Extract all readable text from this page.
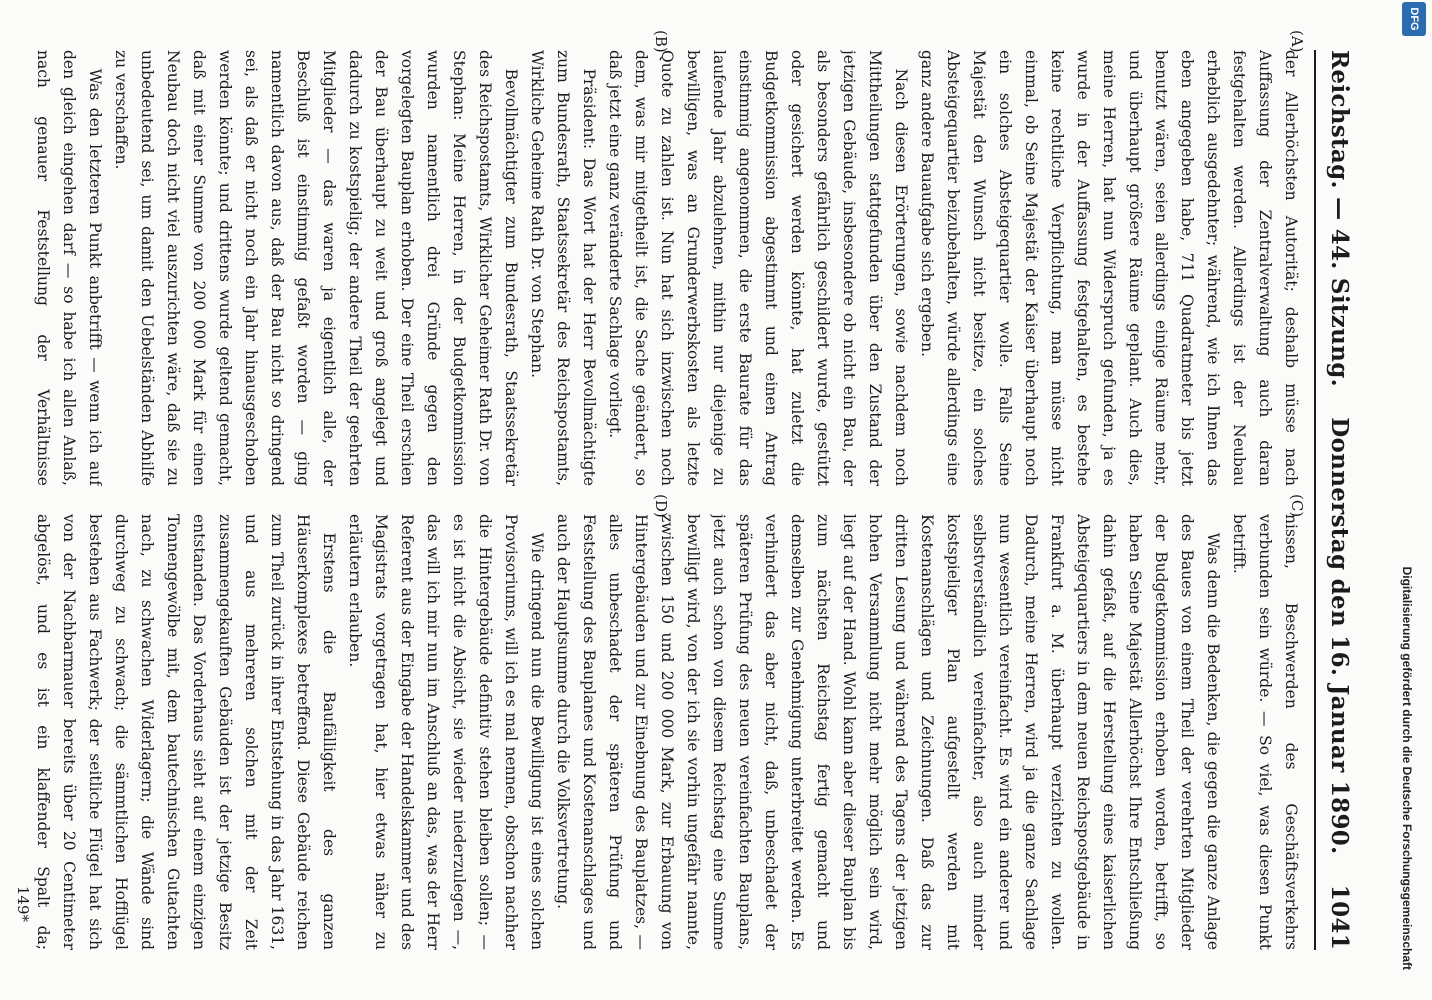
Reichstag. — 44. Sitzung.
Donnerstag den 16. Januar 1890.
1041
(A)
(B)
(C)
(D)

der Allerhöchsten Autorität; deshalb müsse nach Auffassung der Zentralverwaltung auch daran festgehalten werden. Allerdings ist der Neubau erheblich ausgedehnter; während, wie ich Ihnen das eben angegeben habe, 711 Quadratmeter bis jetzt benutzt wären, seien allerdings einige Räume mehr, und überhaupt größere Räume geplant. Auch dies, meine Herren, hat nun Widerspruch gefunden, ja es wurde in der Auffassung festgehalten, es bestehe keine rechtliche Verpflichtung, man müsse nicht einmal, ob Seine Majestät der Kaiser überhaupt noch ein solches Absteigequartier wolle. Falls Seine Majestät den Wunsch nicht besitze, ein solches Absteigequartier beizubehalten, würde allerdings eine ganz andere Bauaufgabe sich ergeben.

Nach diesen Erörterungen, sowie nachdem noch Mittheilungen stattgefunden über den Zustand der jetzigen Gebäude, insbesondere ob nicht ein Bau, der als besonders gefährlich geschildert wurde, gestützt oder gesichert werden könnte, hat zuletzt die Budgetkommission abgestimmt und einen Antrag einstimmig angenommen, die erste Baurate für das laufende Jahr abzulehnen, mithin nur diejenige zu bewilligen, was an Grunderwerbskosten als letzte Quote zu zahlen ist. Nun hat sich inzwischen noch dem, was mir mitgetheilt ist, die Sache geändert, so daß jetzt eine ganz veränderte Sachlage vorliegt.

Präsident: Das Wort hat der Herr Bevollmächtigte zum Bundesrath, Staatssekretär des Reichspostamts, Wirkliche Geheime Rath Dr. von Stephan.

Bevollmächtigter zum Bundesrath, Staatssekretär des Reichspostamts, Wirklicher Geheimer Rath Dr. von Stephan: Meine Herren, in der Budgetkommission wurden namentlich drei Gründe gegen den vorgelegten Bauplan erhoben. Der eine Theil erschien der Bau überhaupt zu weit und groß angelegt und dadurch zu kostspielig; der andere Theil der geehrten Mitglieder — das waren ja eigentlich alle, der Beschluß ist einstimmig gefaßt worden — ging namentlich davon aus, daß der Bau nicht so dringend sei, als daß er nicht noch ein Jahr hinausgeschoben werden könnte; und drittens wurde geltend gemacht, daß mit einer Summe von 200 000 Mark für einen Neubau doch nicht viel auszurichten wäre, daß sie zu unbedeutend sei, um damit den Uebelständen Abhilfe zu verschaffen.

Was den letzteren Punkt anbetrifft — wenn ich auf den gleich eingehen darf — so habe ich allen Anlaß, nach genauer Feststellung der Verhältnisse

nissen, Beschwerden des Geschäftsverkehrs verbunden sein würde. — So viel, was diesen Punkt betrifft.

Was denn die Bedenken, die gegen die ganze Anlage des Baues von einem Theil der verehrten Mitglieder der Budgetkommission erhoben worden, betrifft, so haben Seine Majestät Allerhöchst Ihre Entschließung dahin gefaßt, auf die Herstellung eines kaiserlichen Absteigequartiers in dem neuen Reichspostgebäude in Frankfurt a. M. überhaupt verzichten zu wollen. Dadurch, meine Herren, wird ja die ganze Sachlage nun wesentlich vereinfacht. Es wird ein anderer und selbstverständlich vereinfachter, also auch minder kostspieliger Plan aufgestellt werden mit Kostenanschlägen und Zeichnungen. Daß das zur dritten Lesung und während des Tagens der jetzigen hohen Versammlung nicht mehr möglich sein wird, liegt auf der Hand. Wohl kann aber dieser Bauplan bis zum nächsten Reichstag fertig gemacht und demselben zur Genehmigung unterbreitet werden. Es verhindert das aber nicht, daß, unbeschadet der späteren Prüfung des neuen vereinfachten Bauplans, jetzt auch schon von diesem Reichstag eine Summe bewilligt wird, von der ich sie vorhin ungefähr nannte, zwischen 150 und 200 000 Mark, zur Erbauung von Hintergebäuden und zur Einebnung des Bauplatzes, — alles unbeschadet der späteren Prüfung und Feststellung des Bauplanes und Kostenanschlages und auch der Hauptsumme durch die Volksvertretung.

Wie dringend nun die Bewilligung ist eines solchen Provisoriums, will ich es mal nennen, obschon nachher die Hintergebäude definitiv stehen bleiben sollen; — es ist nicht die Absicht, sie wieder niederzulegen —, das will ich mir nun im Anschluß an das, was der Herr Referent aus der Eingabe der Handelskammer und des Magistrats vorgetragen hat, hier etwas näher zu erläutern erlauben.

Erstens die Baufälligkeit des ganzen Häuserkomplexes betreffend. Diese Gebäude reichen zum Theil zurück in ihrer Entstehung in das Jahr 1631, und aus mehreren solchen mit der Zeit zusammengekauften Gebäuden ist der jetzige Besitz entstanden. Das Vorderhaus sieht auf einem einzigen Tonnengewölbe mit, dem bautechnischen Gutachten nach, zu schwachen Widerlagern; die Wände sind durchweg zu schwach; die sämmtlichen Hofflügel bestehen aus Fachwerk; der seitliche Flügel hat sich von der Nachbarmauer bereits über 20 Centimeter abgelöst, und es ist ein klaffender Spalt da;

149*
DFG
Digitalisierung gefördert durch die Deutsche Forschungsgemeinschaft
